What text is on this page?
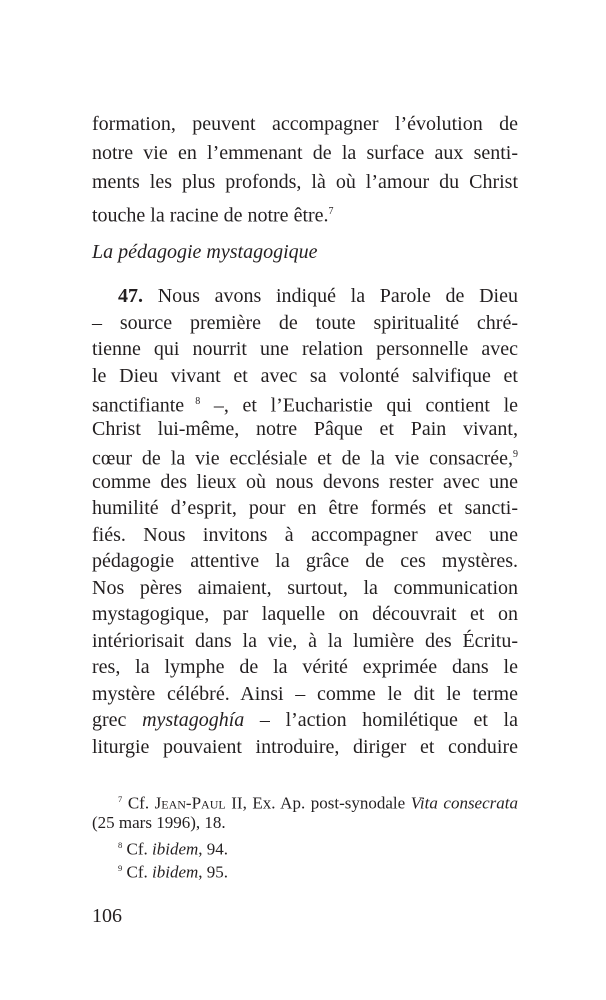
formation, peuvent accompagner l’évolution de
notre vie en l’emmenant de la surface aux senti-
ments les plus profonds, là où l’amour du Christ
touche la racine de notre être.$^7$
La pédagogie mystagogique
47. Nous avons indiqué la Parole de Dieu
– source première de toute spiritualité chré-
tienne qui nourrit une relation personnelle avec
le Dieu vivant et avec sa volonté salvifique et
sanctifiante $^8$ –, et l’Eucharistie qui contient le
Christ lui-même, notre Pâque et Pain vivant,
cœur de la vie ecclésiale et de la vie consacrée,$^9$
comme des lieux où nous devons rester avec une
humilité d’esprit, pour en être formés et sancti-
fiés. Nous invitons à accompagner avec une
pédagogie attentive la grâce de ces mystères.
Nos pères aimaient, surtout, la communication
mystagogique, par laquelle on découvrait et on
intériorisait dans la vie, à la lumière des Écritu-
res, la lymphe de la vérité exprimée dans le
mystère célébré. Ainsi – comme le dit le terme
grec mystagoghía – l’action homilétique et la
liturgie pouvaient introduire, diriger et conduire
$^7$ Cf. Jean-Paul II, Ex. Ap. post-synodale Vita consecrata
(25 mars 1996), 18.
$^8$ Cf. ibidem, 94.
$^9$ Cf. ibidem, 95.
106
